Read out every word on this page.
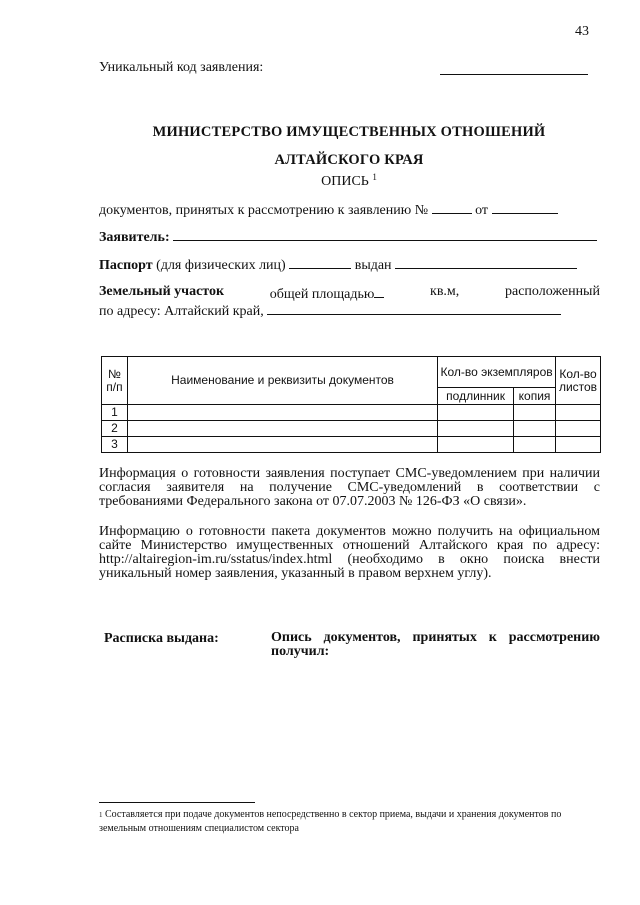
43
Уникальный код заявления:
МИНИСТЕРСТВО ИМУЩЕСТВЕННЫХ ОТНОШЕНИЙ
АЛТАЙСКОГО КРАЯ
ОПИСЬ $^1$
документов, принятых к рассмотрению к заявлению №	от
Заявитель:
Паспорт (для физических лиц)	выдан
Земельный участок	общей площадью	кв.м,	расположенный
по адресу: Алтайский край,
№ п/п	Наименование и реквизиты документов	Кол-во экземпляров		Кол-во листов
		подлинник	копия	
1				
2				
3				
Информация о готовности заявления поступает СМС-уведомлением при наличии согласия заявителя на получение СМС-уведомлений в соответствии с требованиями Федерального закона от 07.07.2003 № 126-ФЗ «О связи».
Информацию о готовности пакета документов можно получить на официальном сайте Министерство имущественных отношений Алтайского края по адресу: http://altairegion-im.ru/sstatus/index.html (необходимо в окно поиска внести уникальный номер заявления, указанный в правом верхнем углу).
Расписка выдана:	Опись документов, принятых к рассмотрению получил:
$^1$ Составляется при подаче документов непосредственно в сектор приема, выдачи и хранения документов по земельным отношениям специалистом сектора
